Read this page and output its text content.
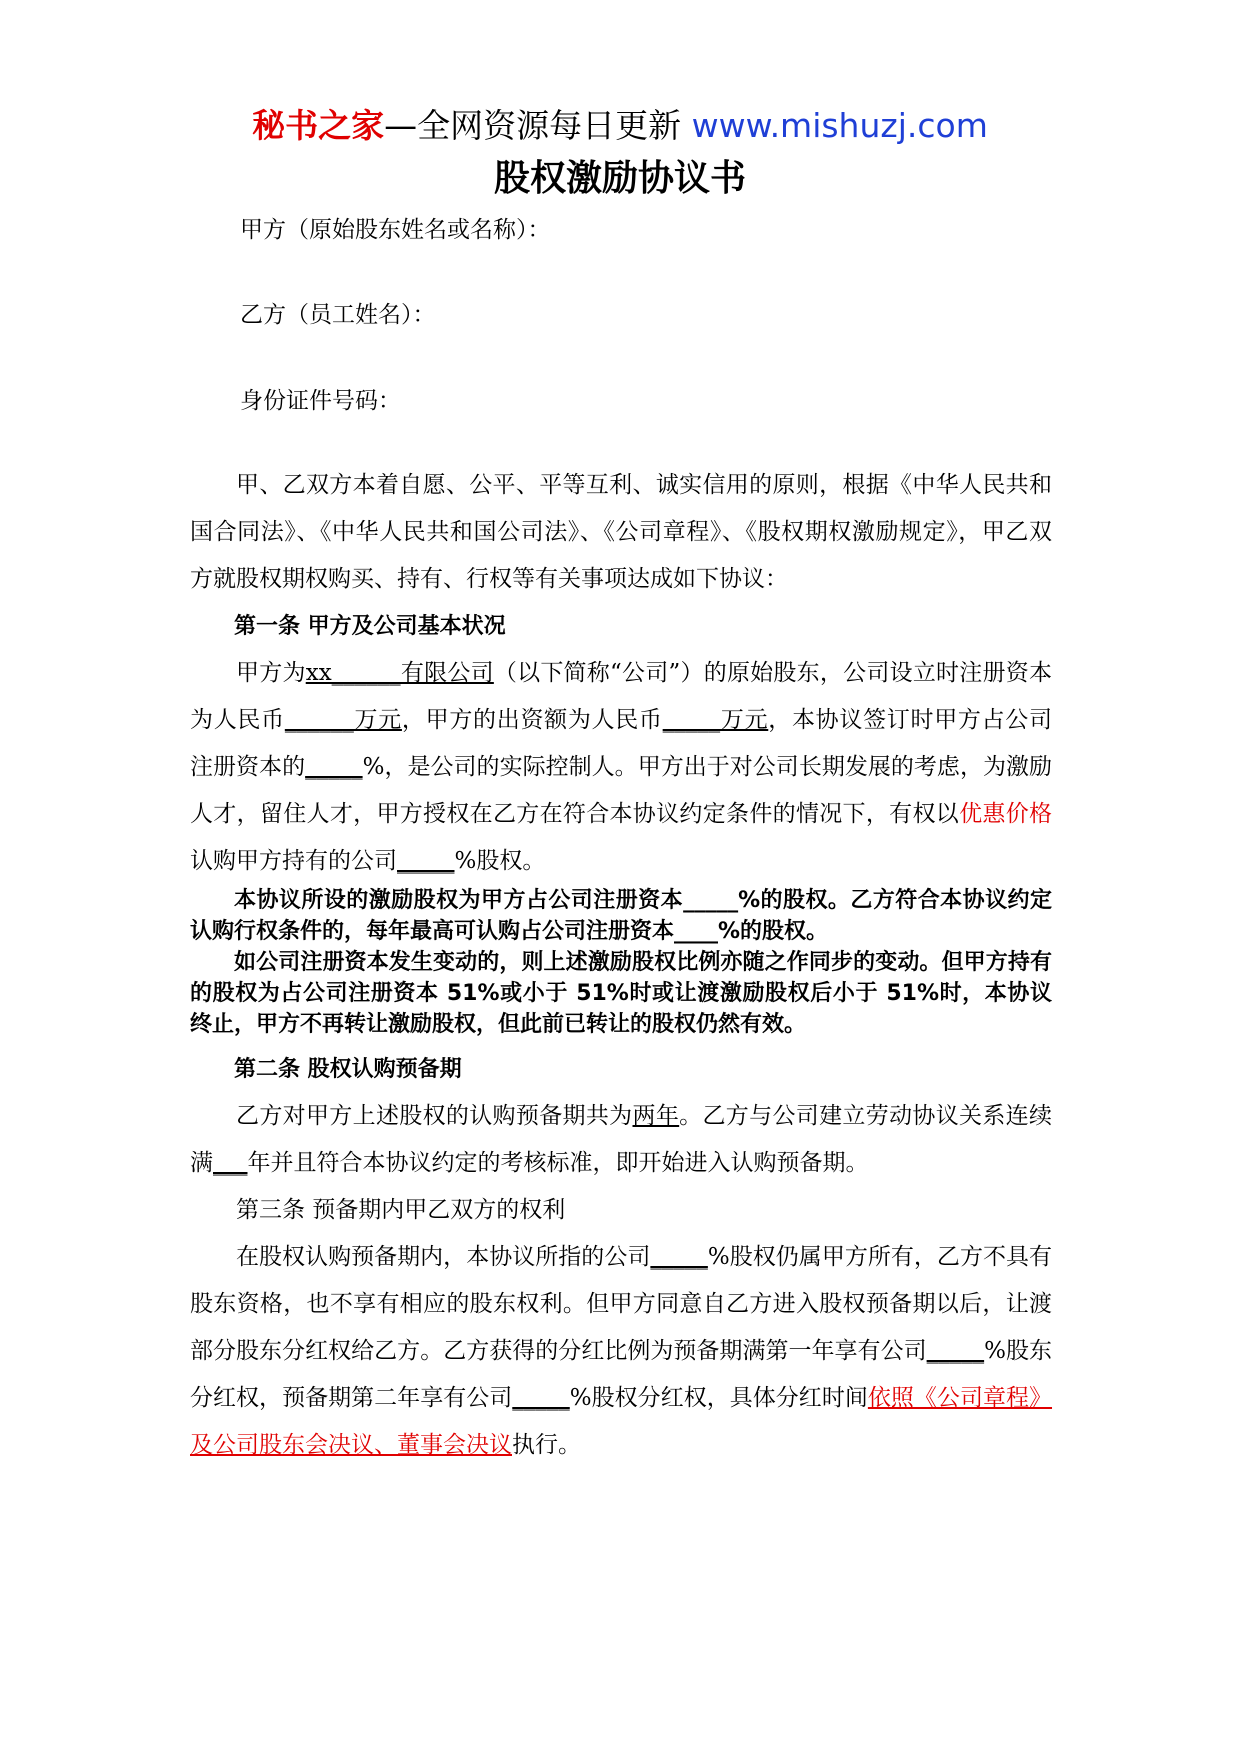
秘书之家—全网资源每日更新 www.mishuzj.com
股权激励协议书
甲方（原始股东姓名或名称）：
乙方（员工姓名）：
身份证件号码：

甲、乙双方本着自愿、公平、平等互利、诚实信用的原则，根据《中华人民共和国合同法》、《中华人民共和国公司法》、《公司章程》、《股权期权激励规定》，甲乙双方就股权期权购买、持有、行权等有关事项达成如下协议：

第一条 甲方及公司基本状况

甲方为xx______有限公司（以下简称“公司”）的原始股东，公司设立时注册资本为人民币______万元，甲方的出资额为人民币_____万元，本协议签订时甲方占公司注册资本的_____%，是公司的实际控制人。甲方出于对公司长期发展的考虑，为激励人才，留住人才，甲方授权在乙方在符合本协议约定条件的情况下，有权以优惠价格认购甲方持有的公司_____%股权。

本协议所设的激励股权为甲方占公司注册资本_____%的股权。乙方符合本协议约定认购行权条件的，每年最高可认购占公司注册资本____%的股权。

如公司注册资本发生变动的，则上述激励股权比例亦随之作同步的变动。但甲方持有的股权为占公司注册资本 51%或小于 51%时或让渡激励股权后小于 51%时，本协议终止，甲方不再转让激励股权，但此前已转让的股权仍然有效。

第二条 股权认购预备期

乙方对甲方上述股权的认购预备期共为两年。乙方与公司建立劳动协议关系连续满___年并且符合本协议约定的考核标准，即开始进入认购预备期。

第三条 预备期内甲乙双方的权利

在股权认购预备期内，本协议所指的公司_____%股权仍属甲方所有，乙方不具有股东资格，也不享有相应的股东权利。但甲方同意自乙方进入股权预备期以后，让渡部分股东分红权给乙方。乙方获得的分红比例为预备期满第一年享有公司_____%股东分红权，预备期第二年享有公司_____%股权分红权，具体分红时间依照《公司章程》及公司股东会决议、董事会决议执行。
